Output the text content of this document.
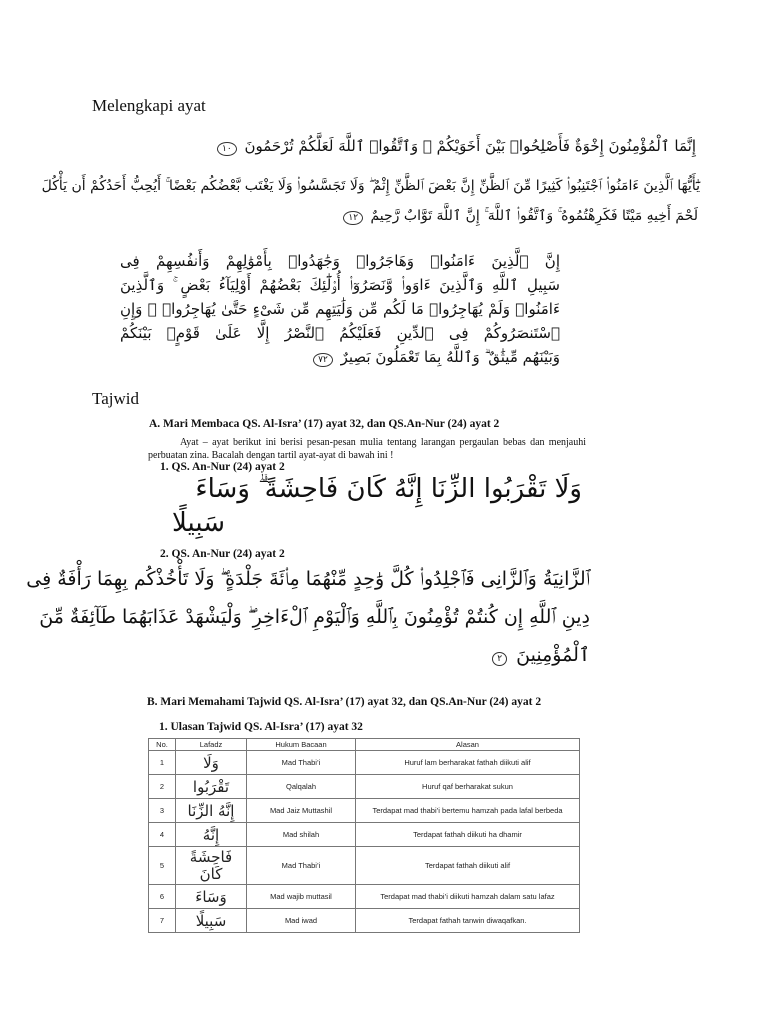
Melengkapi ayat
إِنَّمَا ٱلْمُؤْمِنُونَ إِخْوَةٌ فَأَصْلِحُوا۟ بَيْنَ أَخَوَيْكُمْ ۚ وَٱتَّقُوا۟ ٱللَّهَ لَعَلَّكُمْ تُرْحَمُونَ ١٠
يَٰٓأَيُّهَا ٱلَّذِينَ ءَامَنُوا۟ ٱجْتَنِبُوا۟ كَثِيرًا مِّنَ ٱلظَّنِّ إِنَّ بَعْضَ ٱلظَّنِّ إِثْمٌ ۖ وَلَا تَجَسَّسُوا۟ وَلَا يَغْتَب بَّعْضُكُم بَعْضًا ۚ أَيُحِبُّ أَحَدُكُمْ أَن يَأْكُلَ
لَحْمَ أَخِيهِ مَيْتًا فَكَرِهْتُمُوهُ ۚ وَٱتَّقُوا۟ ٱللَّهَ ۚ إِنَّ ٱللَّهَ تَوَّابٌ رَّحِيمٌ ١٢
إِنَّ ٱلَّذِينَ ءَامَنُوا۟ وَهَاجَرُوا۟ وَجَٰهَدُوا۟ بِأَمْوَٰلِهِمْ وَأَنفُسِهِمْ فِى
سَبِيلِ ٱللَّهِ وَٱلَّذِينَ ءَاوَوا۟ وَّنَصَرُوٓا۟ أُو۟لَٰٓئِكَ بَعْضُهُمْ أَوْلِيَآءُ بَعْضٍ ۚ وَٱلَّذِينَ
ءَامَنُوا۟ وَلَمْ يُهَاجِرُوا۟ مَا لَكُم مِّن وَلَٰيَتِهِم مِّن شَىْءٍ حَتَّىٰ يُهَاجِرُوا۟ ۚ وَإِنِ
ٱسْتَنصَرُوكُمْ فِى ٱلدِّينِ فَعَلَيْكُمُ ٱلنَّصْرُ إِلَّا عَلَىٰ قَوْمٍۭ بَيْنَكُمْ
وَبَيْنَهُم مِّيثَٰقٌ ۗ وَٱللَّهُ بِمَا تَعْمَلُونَ بَصِيرٌ ٧٢
Tajwid
A. Mari Membaca QS. Al-Isra’ (17) ayat 32, dan QS.An-Nur (24) ayat 2
Ayat – ayat berikut ini berisi pesan-pesan mulia tentang larangan pergaulan bebas dan menjauhi perbuatan zina. Bacalah dengan tartil ayat-ayat di bawah ini !
1. QS. An-Nur (24) ayat 2
وَلَا تَقْرَبُوا الزِّنَا إِنَّهُ كَانَ فَاحِشَةً ۗ وَسَاءَ
سَبِيلًا
2. QS. An-Nur (24) ayat 2
ٱلزَّانِيَةُ وَٱلزَّانِى فَٱجْلِدُوا۟ كُلَّ وَٰحِدٍ مِّنْهُمَا مِا۟ئَةَ جَلْدَةٍ ۖ وَلَا تَأْخُذْكُم بِهِمَا رَأْفَةٌ فِى
دِينِ ٱللَّهِ إِن كُنتُمْ تُؤْمِنُونَ بِٱللَّهِ وَٱلْيَوْمِ ٱلْءَاخِرِ ۖ وَلْيَشْهَدْ عَذَابَهُمَا طَآئِفَةٌ مِّنَ
ٱلْمُؤْمِنِينَ ٢
B. Mari Memahami Tajwid QS. Al-Isra’ (17) ayat 32, dan QS.An-Nur (24) ayat 2
1. Ulasan Tajwid QS. Al-Isra’ (17) ayat 32
No.	Lafadz	Hukum Bacaan	Alasan
1	وَلَا	Mad Thabi’i	Huruf lam berharakat fathah diikuti alif
2	تَقْرَبُوا	Qalqalah	Huruf qaf berharakat sukun
3	إِنَّهُ الزِّنَا	Mad Jaiz Muttashil	Terdapat mad thabi’i bertemu hamzah pada lafal berbeda
4	إِنَّهُ	Mad shilah	Terdapat fathah diikuti ha dhamir
5	فَاحِشَةً كَانَ	Mad Thabi’i	Terdapat fathah diikuti alif
6	وَسَاءَ	Mad wajib muttasil	Terdapat mad thabi’i diikuti hamzah dalam satu lafaz
7	سَبِيلًا	Mad iwad	Terdapat fathah tanwin diwaqafkan.
